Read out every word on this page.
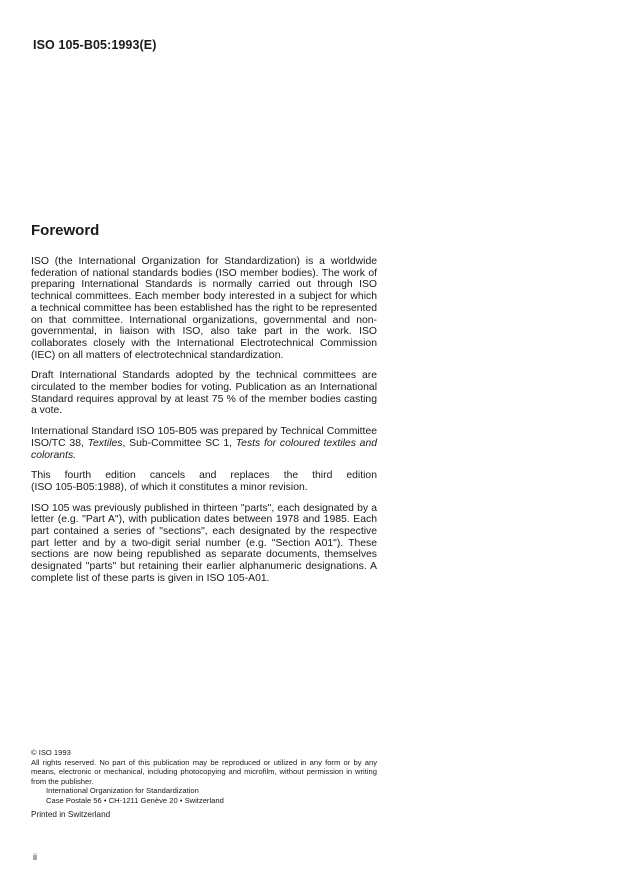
ISO 105-B05:1993(E)
Foreword

ISO (the International Organization for Standardization) is a worldwide federation of national standards bodies (ISO member bodies). The work of preparing International Standards is normally carried out through ISO technical committees. Each member body interested in a subject for which a technical committee has been established has the right to be represented on that committee. International organizations, governmental and non-governmental, in liaison with ISO, also take part in the work. ISO collaborates closely with the International Electrotechnical Commission (IEC) on all matters of electrotechnical standardization.

Draft International Standards adopted by the technical committees are circulated to the member bodies for voting. Publication as an International Standard requires approval by at least 75 % of the member bodies casting a vote.

International Standard ISO 105-B05 was prepared by Technical Committee ISO/TC 38, Textiles, Sub-Committee SC 1, Tests for coloured textiles and colorants.

This fourth edition cancels and replaces the third edition

(ISO 105-B05:1988), of which it constitutes a minor revision.

ISO 105 was previously published in thirteen "parts", each designated by a letter (e.g. "Part A"), with publication dates between 1978 and 1985. Each part contained a series of "sections", each designated by the respective part letter and by a two-digit serial number (e.g. "Section A01"). These sections are now being republished as separate documents, themselves designated "parts" but retaining their earlier alphanumeric designations. A complete list of these parts is given in ISO 105-A01.

© ISO 1993
All rights reserved. No part of this publication may be reproduced or utilized in any form or by any means, electronic or mechanical, including photocopying and microfilm, without permission in writing from the publisher.
International Organization for Standardization
Case Postale 56 • CH-1211 Genève 20 • Switzerland
Printed in Switzerland
ii
